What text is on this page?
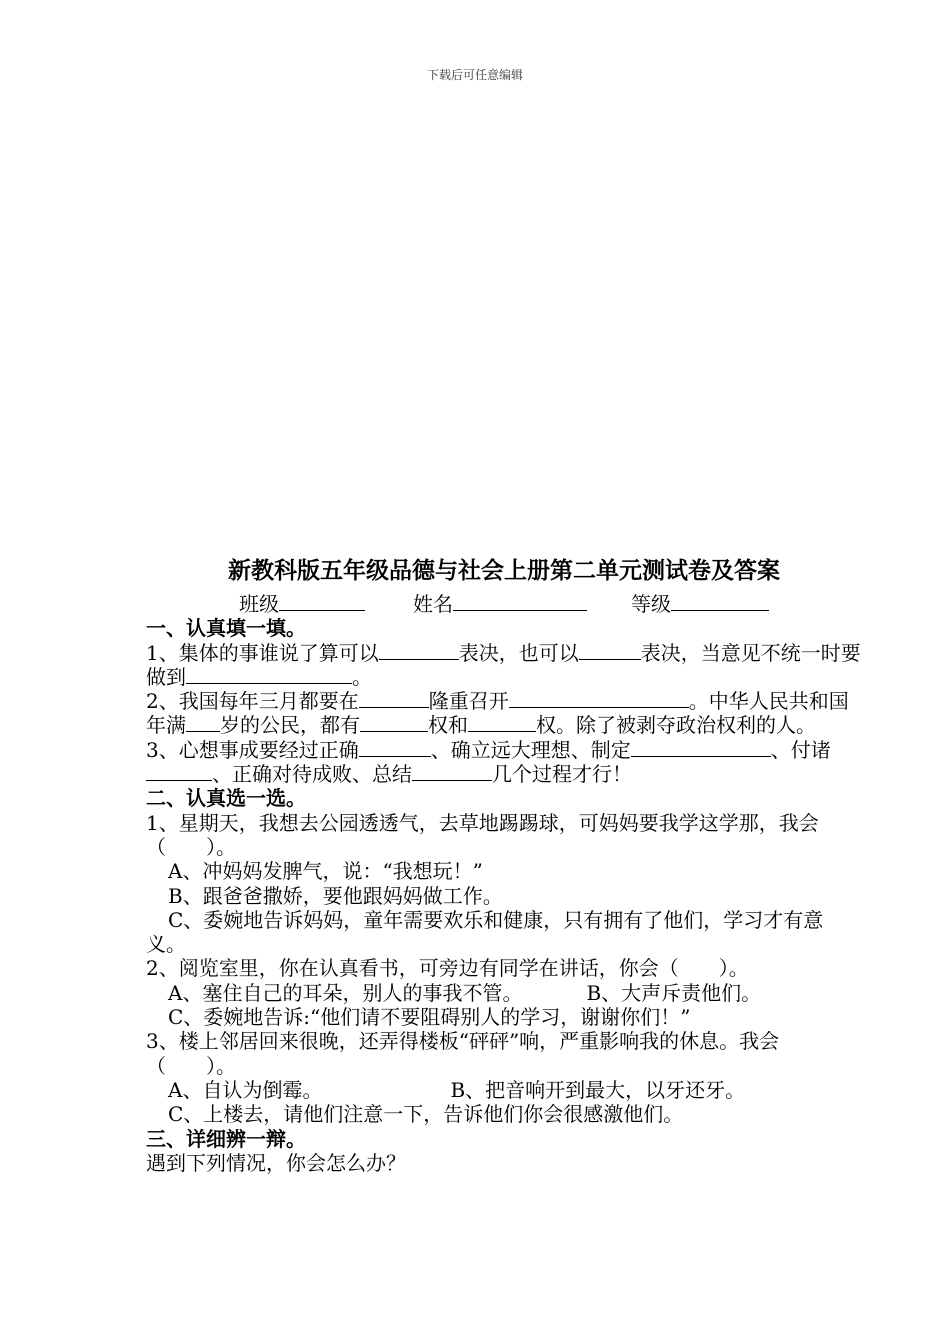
下载后可任意编辑
新教科版五年级品德与社会上册第二单元测试卷及答案
班级	姓名	等级

一、认真填一填。

1、集体的事谁说了算可以	表决，也可以	表决，当意见不统一时要做到	。

2、我国每年三月都要在	隆重召开	。中华人民共和国年满 岁的公民，都有	权和	权。除了被剥夺政治权利的人。

3、心想事成要经过正确	、确立远大理想、制定	、付诸、正确对待成败、总结	几个过程才行！

二、认真选一选。

1、星期天，我想去公园透透气，去草地踢踢球，可妈妈要我学这学那，我会（　　）。

A、冲妈妈发脾气，说：“我想玩！”

B、跟爸爸撒娇，要他跟妈妈做工作。

C、委婉地告诉妈妈，童年需要欢乐和健康，只有拥有了他们，学习才有意义。

2、阅览室里，你在认真看书，可旁边有同学在讲话，你会（　　）。

A、塞住自己的耳朵，别人的事我不管。	B、大声斥责他们。

C、委婉地告诉:“他们请不要阻碍别人的学习，谢谢你们！”

3、楼上邻居回来很晚，还弄得楼板“砰砰”响，严重影响我的休息。我会（　　）。

A、自认为倒霉。	B、把音响开到最大，以牙还牙。

C、上楼去，请他们注意一下，告诉他们你会很感激他们。

三、详细辨一辩。

遇到下列情况，你会怎么办？
